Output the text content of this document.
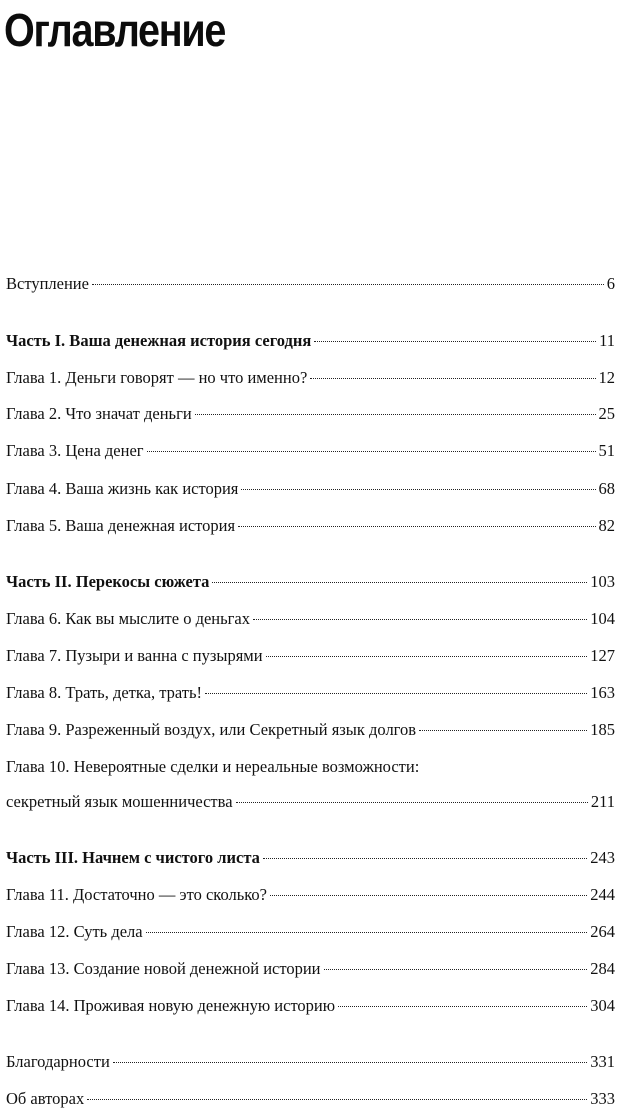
Оглавление
Вступление	6
Часть I. Ваша денежная история сегодня	11
Глава 1. Деньги говорят — но что именно?	12
Глава 2. Что значат деньги	25
Глава 3. Цена денег	51
Глава 4. Ваша жизнь как история	68
Глава 5. Ваша денежная история	82
Часть II. Перекосы сюжета	103
Глава 6. Как вы мыслите о деньгах	104
Глава 7. Пузыри и ванна с пузырями	127
Глава 8. Трать, детка, трать!	163
Глава 9. Разреженный воздух, или Секретный язык долгов	185
Глава 10. Невероятные сделки и нереальные возможности:
секретный язык мошенничества	211
Часть III. Начнем с чистого листа	243
Глава 11. Достаточно — это сколько?	244
Глава 12. Суть дела	264
Глава 13. Создание новой денежной истории	284
Глава 14. Проживая новую денежную историю	304
Благодарности	331
Об авторах	333
